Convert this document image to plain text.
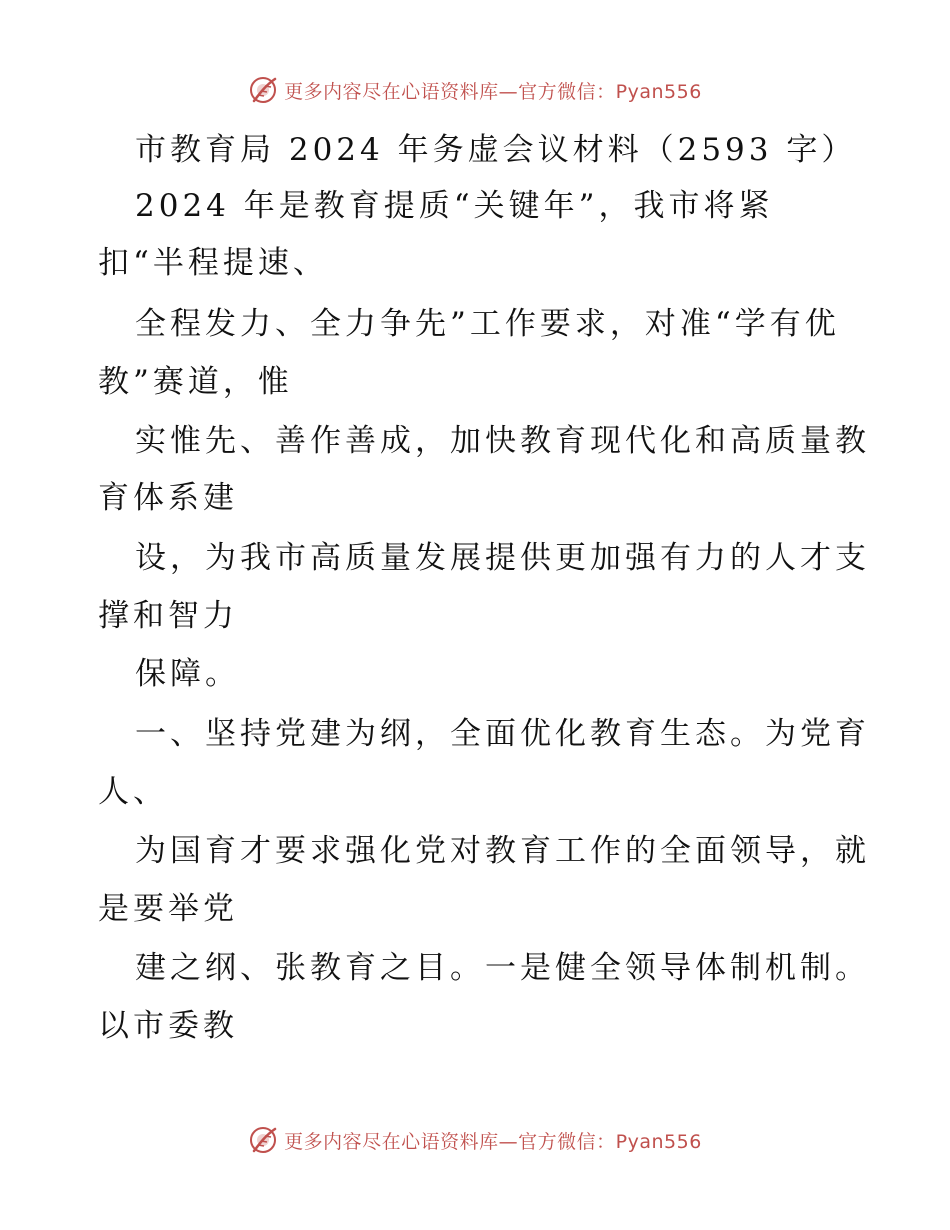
更多内容尽在心语资料库—官方微信：Pyan556
市教育局 2024 年务虚会议材料（2593 字）
2024 年是教育提质“关键年”，我市将紧
扣“半程提速、
全程发力、全力争先”工作要求，对准“学有优
教”赛道，惟
实惟先、善作善成，加快教育现代化和高质量教
育体系建
设，为我市高质量发展提供更加强有力的人才支
撑和智力
保障。
一、坚持党建为纲，全面优化教育生态。为党育
人、
为国育才要求强化党对教育工作的全面领导，就
是要举党
建之纲、张教育之目。一是健全领导体制机制。
以市委教
更多内容尽在心语资料库—官方微信：Pyan556
